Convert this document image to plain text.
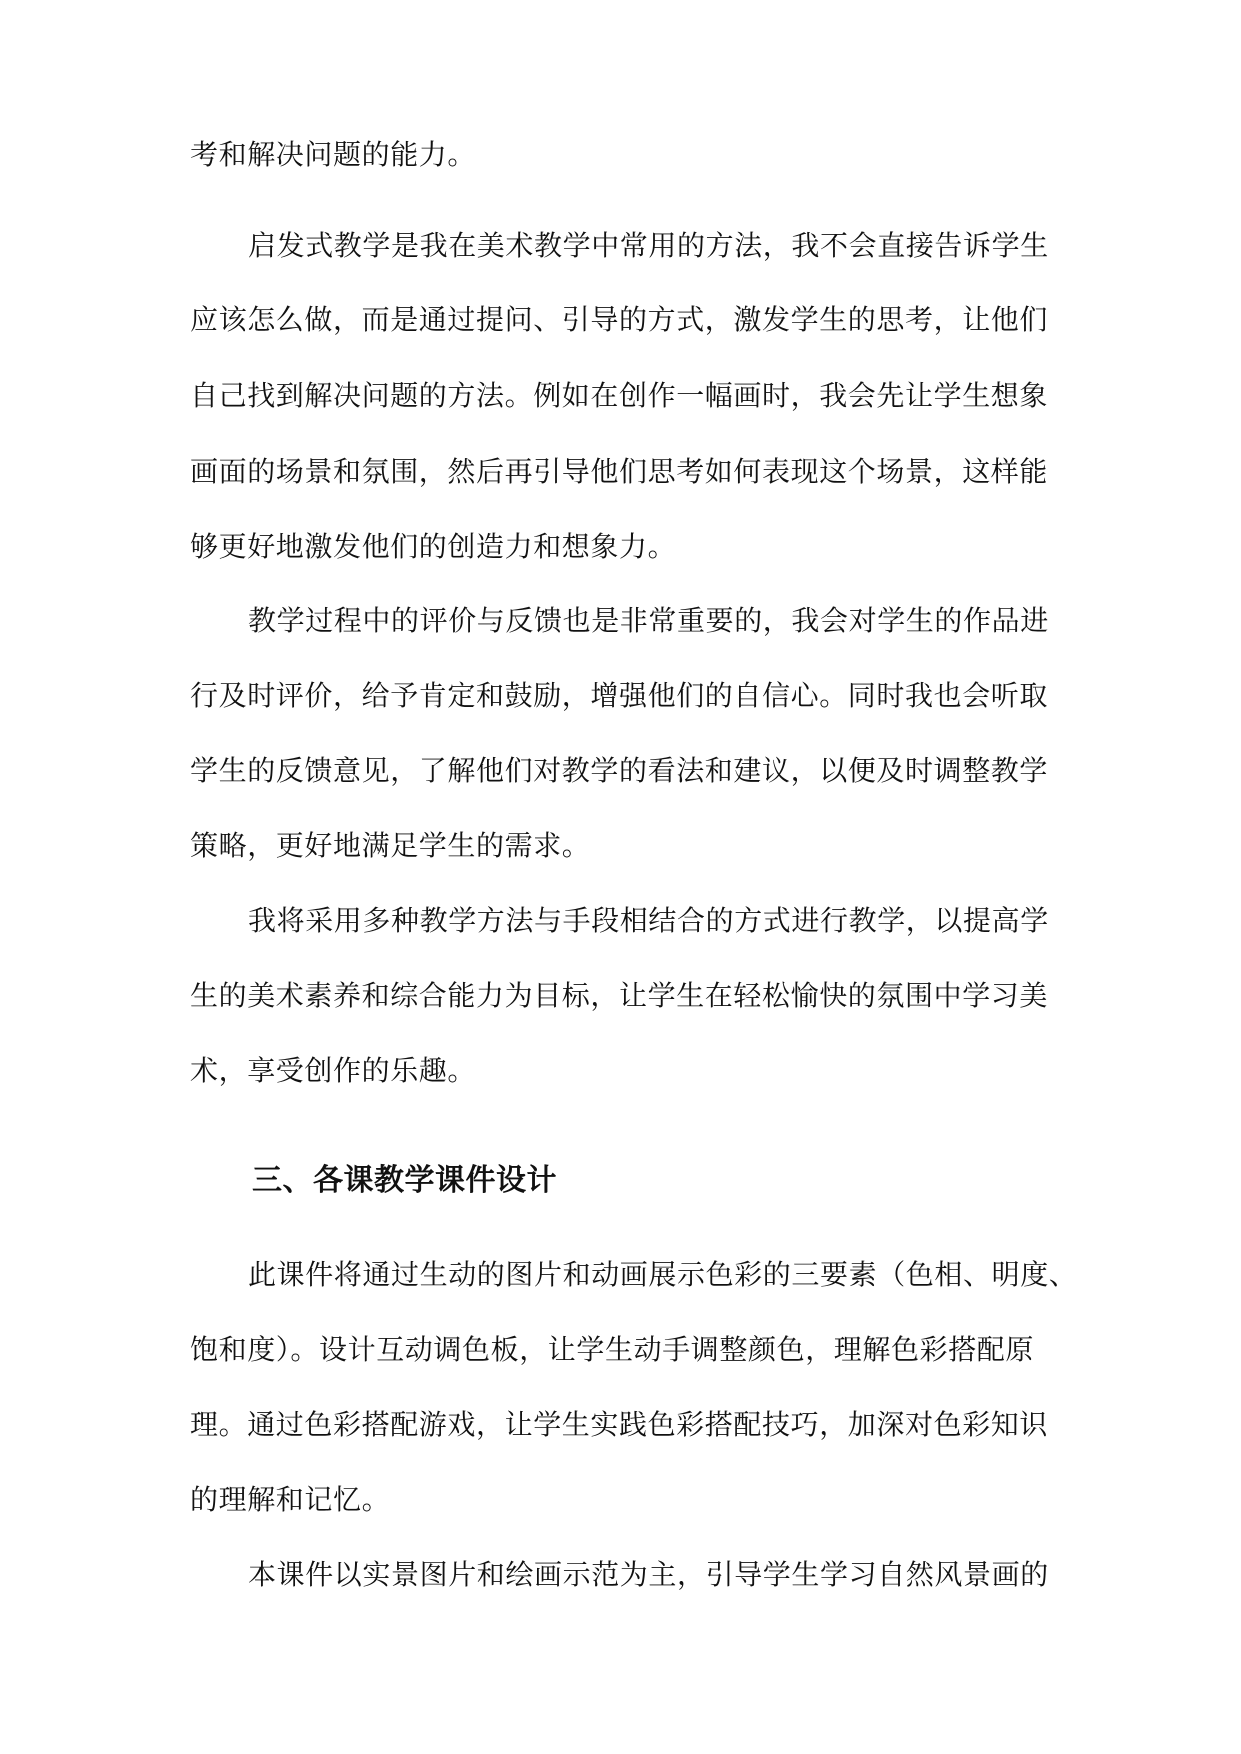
考和解决问题的能力。
启发式教学是我在美术教学中常用的方法，我不会直接告诉学生
应该怎么做，而是通过提问、引导的方式，激发学生的思考，让他们
自己找到解决问题的方法。例如在创作一幅画时，我会先让学生想象
画面的场景和氛围，然后再引导他们思考如何表现这个场景，这样能
够更好地激发他们的创造力和想象力。
教学过程中的评价与反馈也是非常重要的，我会对学生的作品进
行及时评价，给予肯定和鼓励，增强他们的自信心。同时我也会听取
学生的反馈意见，了解他们对教学的看法和建议，以便及时调整教学
策略，更好地满足学生的需求。
我将采用多种教学方法与手段相结合的方式进行教学，以提高学
生的美术素养和综合能力为目标，让学生在轻松愉快的氛围中学习美
术，享受创作的乐趣。
三、各课教学课件设计
此课件将通过生动的图片和动画展示色彩的三要素（色相、明度、
饱和度）。设计互动调色板，让学生动手调整颜色，理解色彩搭配原
理。通过色彩搭配游戏，让学生实践色彩搭配技巧，加深对色彩知识
的理解和记忆。
本课件以实景图片和绘画示范为主，引导学生学习自然风景画的
